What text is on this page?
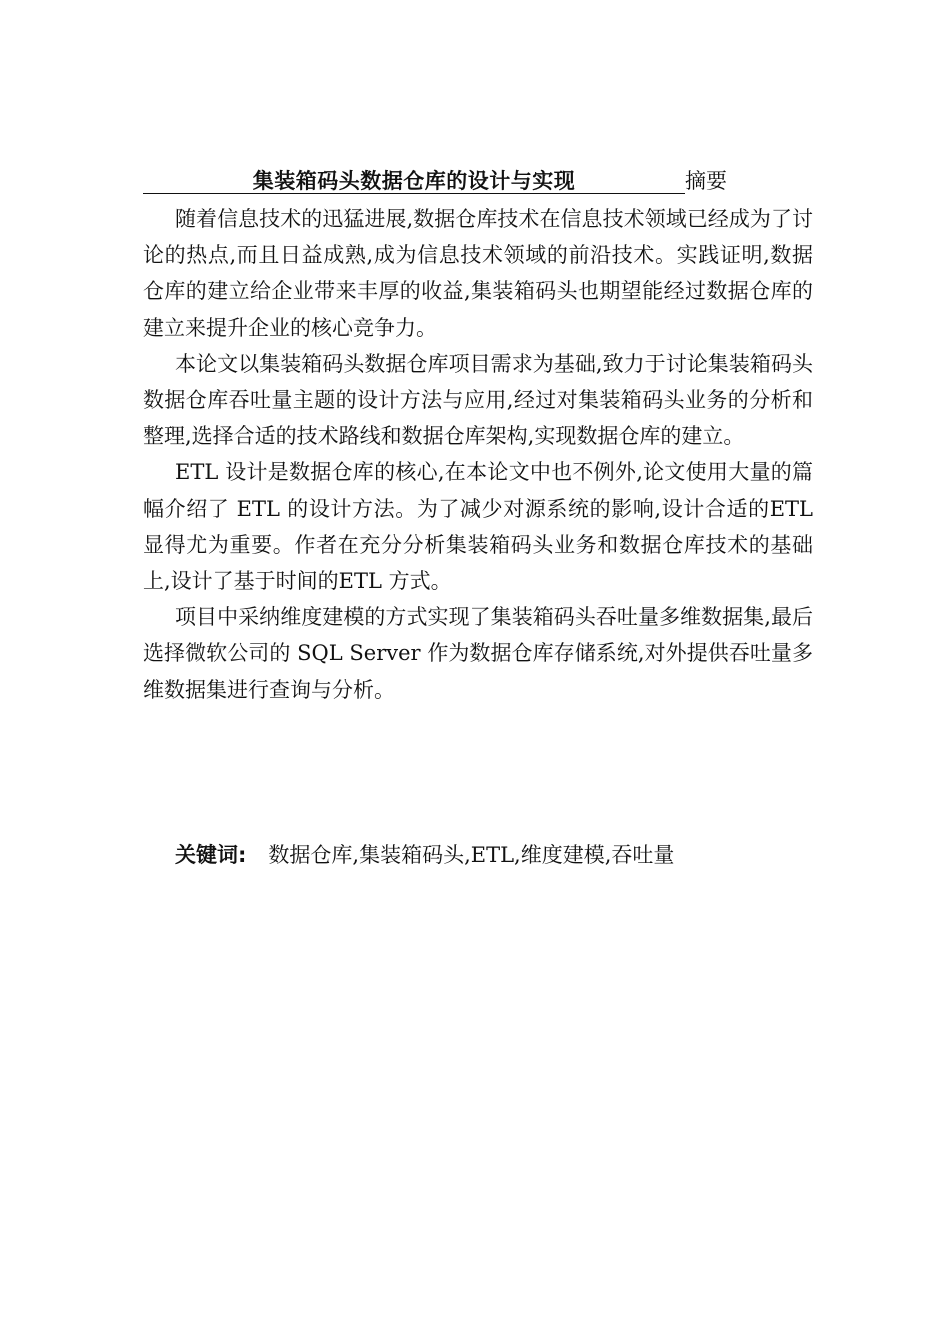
集装箱码头数据仓库的设计与实现	摘要

随着信息技术的迅猛进展,数据仓库技术在信息技术领域已经成为了讨论的热点,而且日益成熟,成为信息技术领域的前沿技术。实践证明,数据仓库的建立给企业带来丰厚的收益,集装箱码头也期望能经过数据仓库的建立来提升企业的核心竞争力。

本论文以集装箱码头数据仓库项目需求为基础,致力于讨论集装箱码头数据仓库吞吐量主题的设计方法与应用,经过对集装箱码头业务的分析和整理,选择合适的技术路线和数据仓库架构,实现数据仓库的建立。

ETL 设计是数据仓库的核心,在本论文中也不例外,论文使用大量的篇幅介绍了 ETL 的设计方法。为了减少对源系统的影响,设计合适的ETL 显得尤为重要。作者在充分分析集装箱码头业务和数据仓库技术的基础上,设计了基于时间的ETL 方式。

项目中采纳维度建模的方式实现了集装箱码头吞吐量多维数据集,最后选择微软公司的 SQL Server 作为数据仓库存储系统,对外提供吞吐量多维数据集进行查询与分析。

关键词: 数据仓库,集装箱码头,ETL,维度建模,吞吐量
